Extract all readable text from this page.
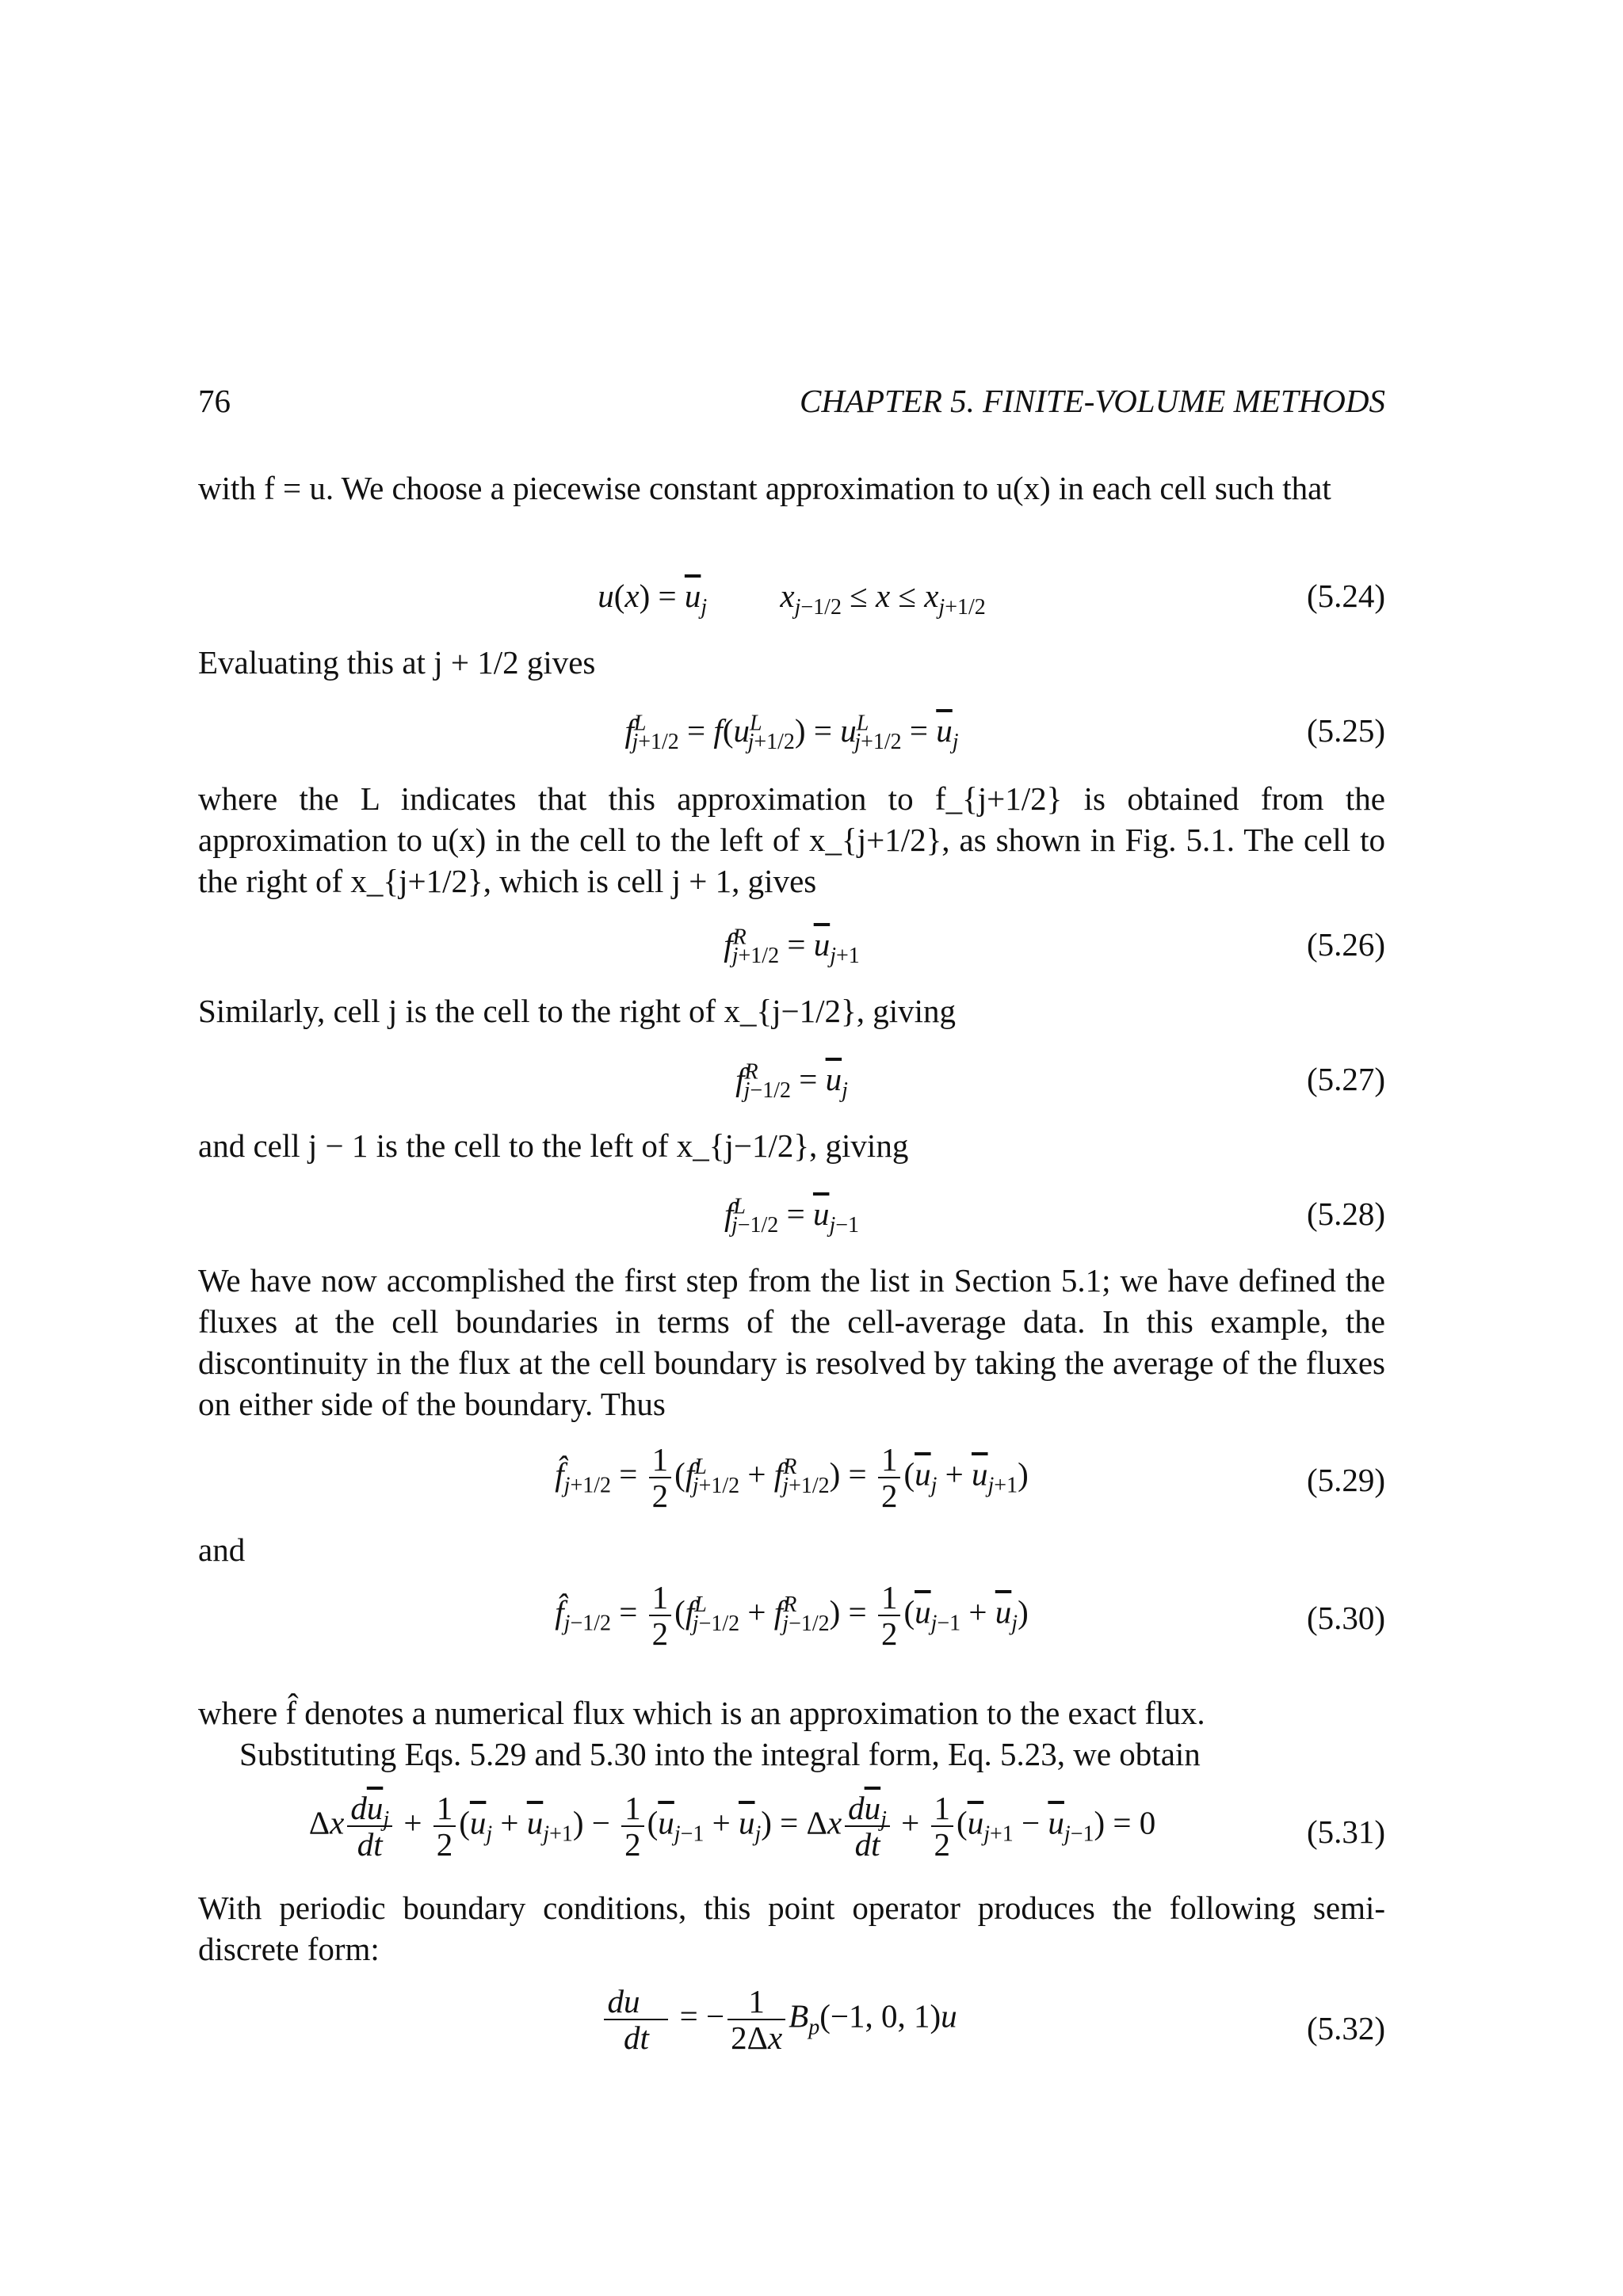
76	CHAPTER 5. FINITE-VOLUME METHODS
with f = u. We choose a piecewise constant approximation to u(x) in each cell such that
$u(x) = \overline{u}_j$ $x_{j-1/2} \le x \le x_{j+1/2}$	(5.24)
Evaluating this at j + 1/2 gives
$f^L_{j+1/2} = f(u^L_{j+1/2}) = u^L_{j+1/2} = \overline{u}_j$	(5.25)
where the L indicates that this approximation to f_{j+1/2} is obtained from the approximation to u(x) in the cell to the left of x_{j+1/2}, as shown in Fig. 5.1. The cell to the right of x_{j+1/2}, which is cell j + 1, gives
$f^R_{j+1/2} = \overline{u}_{j+1}$	(5.26)
Similarly, cell j is the cell to the right of x_{j−1/2}, giving
$f^R_{j-1/2} = \overline{u}_j$	(5.27)
and cell j − 1 is the cell to the left of x_{j−1/2}, giving
$f^L_{j-1/2} = \overline{u}_{j-1}$	(5.28)
We have now accomplished the first step from the list in Section 5.1; we have defined the fluxes at the cell boundaries in terms of the cell-average data. In this example, the discontinuity in the flux at the cell boundary is resolved by taking the average of the fluxes on either side of the boundary. Thus
$f̂_{j+1/2} = \frac{1}{2} (f^L_{j+1/2} + f^R_{j+1/2}) = \frac{1}{2} (\overline{u}_j + \overline{u}_{j+1})$	(5.29)
and
$f̂_{j-1/2} = \frac{1}{2} (f^L_{j-1/2} + f^R_{j-1/2}) = \frac{1}{2} (\overline{u}_{j-1} + \overline{u}_j)$	(5.30)
where f̂ denotes a numerical flux which is an approximation to the exact flux.
Substituting Eqs. 5.29 and 5.30 into the integral form, Eq. 5.23, we obtain
Δx $\frac{d\overline{u}_j}{dt} + \frac{1}{2} (\overline{u}_j + \overline{u}_{j+1}) - \frac{1}{2} (\overline{u}_{j-1} + \overline{u}_j) = \Delta x \frac{d\overline{u}_j}{dt} + \frac{1}{2} (\overline{u}_{j+1} - \overline{u}_{j-1}) = 0$	(5.31)
With periodic boundary conditions, this point operator produces the following semi-discrete form:
$\frac{du⃗}{dt}$ = − $\frac{1}{2\Delta x} B_p(-1$, 0, 1)u⃗	(5.32)
